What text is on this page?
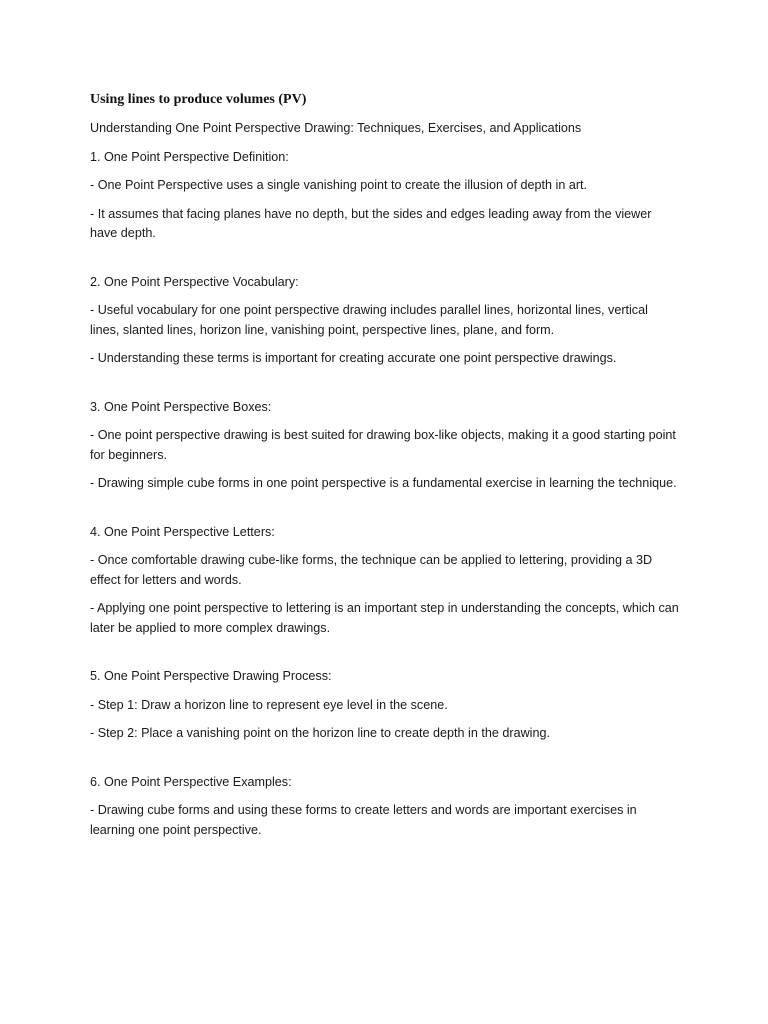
Using lines to produce volumes (PV)
Understanding One Point Perspective Drawing: Techniques, Exercises, and Applications
1. One Point Perspective Definition:
- One Point Perspective uses a single vanishing point to create the illusion of depth in art.
- It assumes that facing planes have no depth, but the sides and edges leading away from the viewer have depth.
2. One Point Perspective Vocabulary:
- Useful vocabulary for one point perspective drawing includes parallel lines, horizontal lines, vertical lines, slanted lines, horizon line, vanishing point, perspective lines, plane, and form.
- Understanding these terms is important for creating accurate one point perspective drawings.
3. One Point Perspective Boxes:
- One point perspective drawing is best suited for drawing box-like objects, making it a good starting point for beginners.
- Drawing simple cube forms in one point perspective is a fundamental exercise in learning the technique.
4. One Point Perspective Letters:
- Once comfortable drawing cube-like forms, the technique can be applied to lettering, providing a 3D effect for letters and words.
- Applying one point perspective to lettering is an important step in understanding the concepts, which can later be applied to more complex drawings.
5. One Point Perspective Drawing Process:
- Step 1: Draw a horizon line to represent eye level in the scene.
- Step 2: Place a vanishing point on the horizon line to create depth in the drawing.
6. One Point Perspective Examples:
- Drawing cube forms and using these forms to create letters and words are important exercises in learning one point perspective.
